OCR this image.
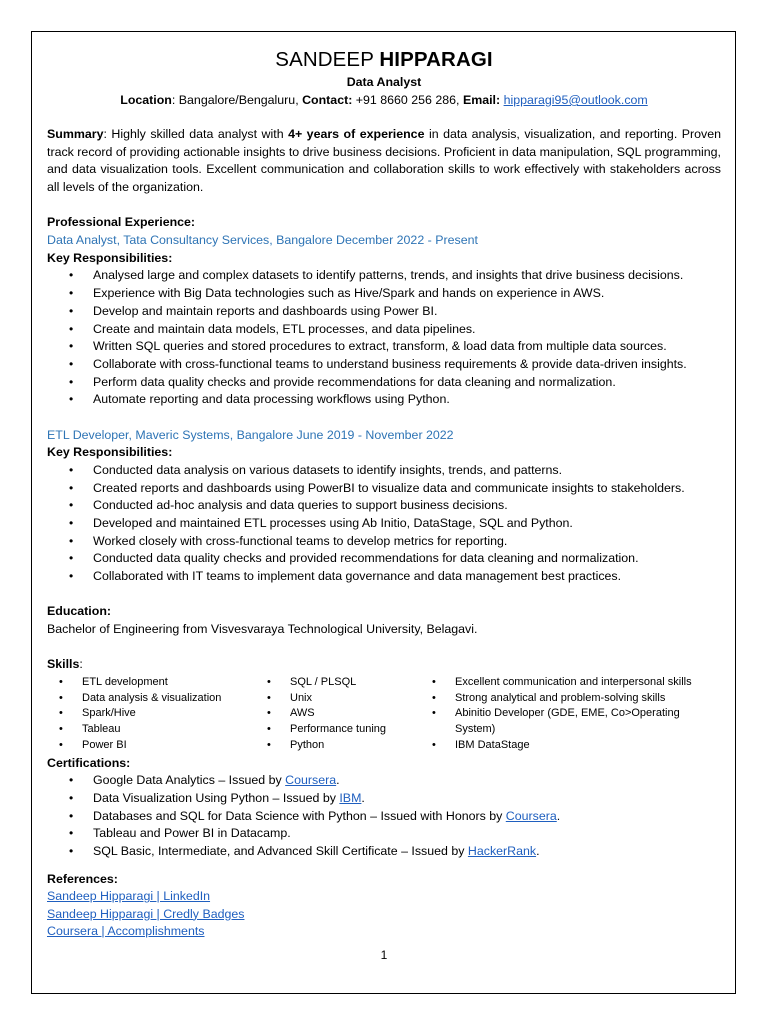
SANDEEP HIPPARAGI
Data Analyst
Location: Bangalore/Bengaluru, Contact: +91 8660 256 286, Email: hipparagi95@outlook.com
Summary: Highly skilled data analyst with 4+ years of experience in data analysis, visualization, and reporting. Proven track record of providing actionable insights to drive business decisions. Proficient in data manipulation, SQL programming, and data visualization tools. Excellent communication and collaboration skills to work effectively with stakeholders across all levels of the organization.
Professional Experience:
Data Analyst, Tata Consultancy Services, Bangalore December 2022 - Present
Key Responsibilities:
• Analysed large and complex datasets to identify patterns, trends, and insights that drive business decisions.
• Experience with Big Data technologies such as Hive/Spark and hands on experience in AWS.
• Develop and maintain reports and dashboards using Power BI.
• Create and maintain data models, ETL processes, and data pipelines.
• Written SQL queries and stored procedures to extract, transform, & load data from multiple data sources.
• Collaborate with cross-functional teams to understand business requirements & provide data-driven insights.
• Perform data quality checks and provide recommendations for data cleaning and normalization.
• Automate reporting and data processing workflows using Python.
ETL Developer, Maveric Systems, Bangalore June 2019 - November 2022
Key Responsibilities:
• Conducted data analysis on various datasets to identify insights, trends, and patterns.
• Created reports and dashboards using PowerBI to visualize data and communicate insights to stakeholders.
• Conducted ad-hoc analysis and data queries to support business decisions.
• Developed and maintained ETL processes using Ab Initio, DataStage, SQL and Python.
• Worked closely with cross-functional teams to develop metrics for reporting.
• Conducted data quality checks and provided recommendations for data cleaning and normalization.
• Collaborated with IT teams to implement data governance and data management best practices.
Education:
Bachelor of Engineering from Visvesvaraya Technological University, Belagavi.
Skills:
• ETL development
• Data analysis & visualization
• Spark/Hive
• Tableau
• Power BI
• SQL / PLSQL
• Unix
• AWS
• Performance tuning
• Python
• Excellent communication and interpersonal skills
• Strong analytical and problem-solving skills
• Abinitio Developer (GDE, EME, Co>Operating System)
• IBM DataStage
Certifications:
• Google Data Analytics – Issued by Coursera.
• Data Visualization Using Python – Issued by IBM.
• Databases and SQL for Data Science with Python – Issued with Honors by Coursera.
• Tableau and Power BI in Datacamp.
• SQL Basic, Intermediate, and Advanced Skill Certificate – Issued by HackerRank.
References:
Sandeep Hipparagi | LinkedIn
Sandeep Hipparagi | Credly Badges
Coursera | Accomplishments
1
